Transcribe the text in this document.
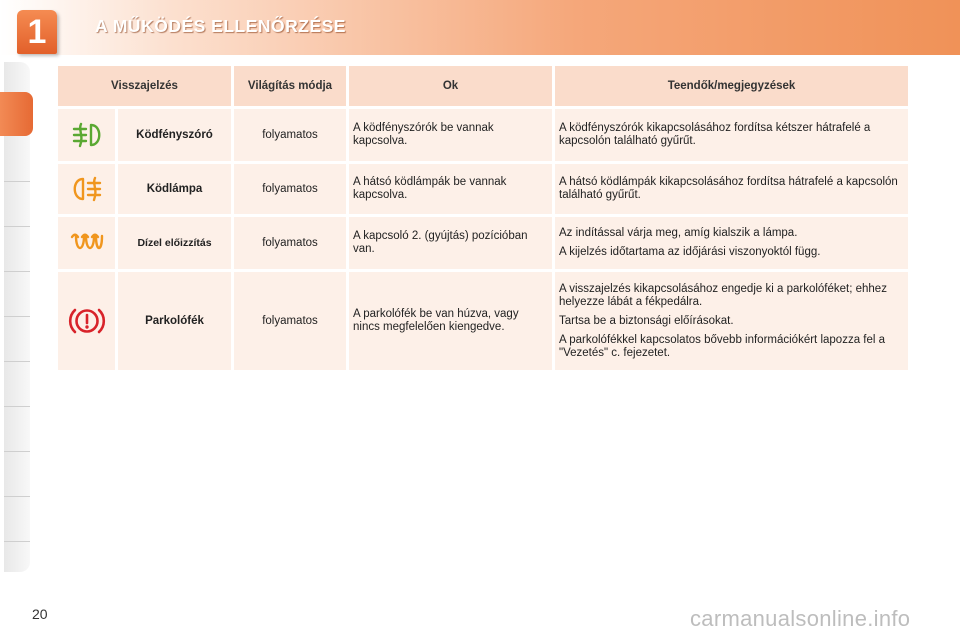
1	A MŰKÖDÉS ELLENŐRZÉSE
Visszajelzés		Világítás módja	Ok	Teendők/megjegyzések
	Ködfényszóró	folyamatos	A ködfényszórók be vannak kapcsolva.	A ködfényszórók kikapcsolásához fordítsa kétszer hátrafelé a kapcsolón található gyűrűt.

	Ködlámpa	folyamatos	A hátsó ködlámpák be vannak kapcsolva.	A hátsó ködlámpák kikapcsolásához fordítsa hátrafelé a kapcsolón található gyűrűt.

	Dízel előizzítás	folyamatos	A kapcsoló 2. (gyújtás) pozícióban van.	Az indítással várja meg, amíg kialszik a lámpa.

A kijelzés időtartama az időjárási viszonyoktól függ.

	Parkolófék	folyamatos	A parkolófék be van húzva, vagy nincs megfelelően kiengedve.	A visszajelzés kikapcsolásához engedje ki a parkolóféket; ehhez helyezze lábát a fékpedálra.

Tartsa be a biztonsági előírásokat.

A parkolófékkel kapcsolatos bővebb információkért lapozza fel a "Vezetés" c. fejezetet.

20	carmanualsonline.info
